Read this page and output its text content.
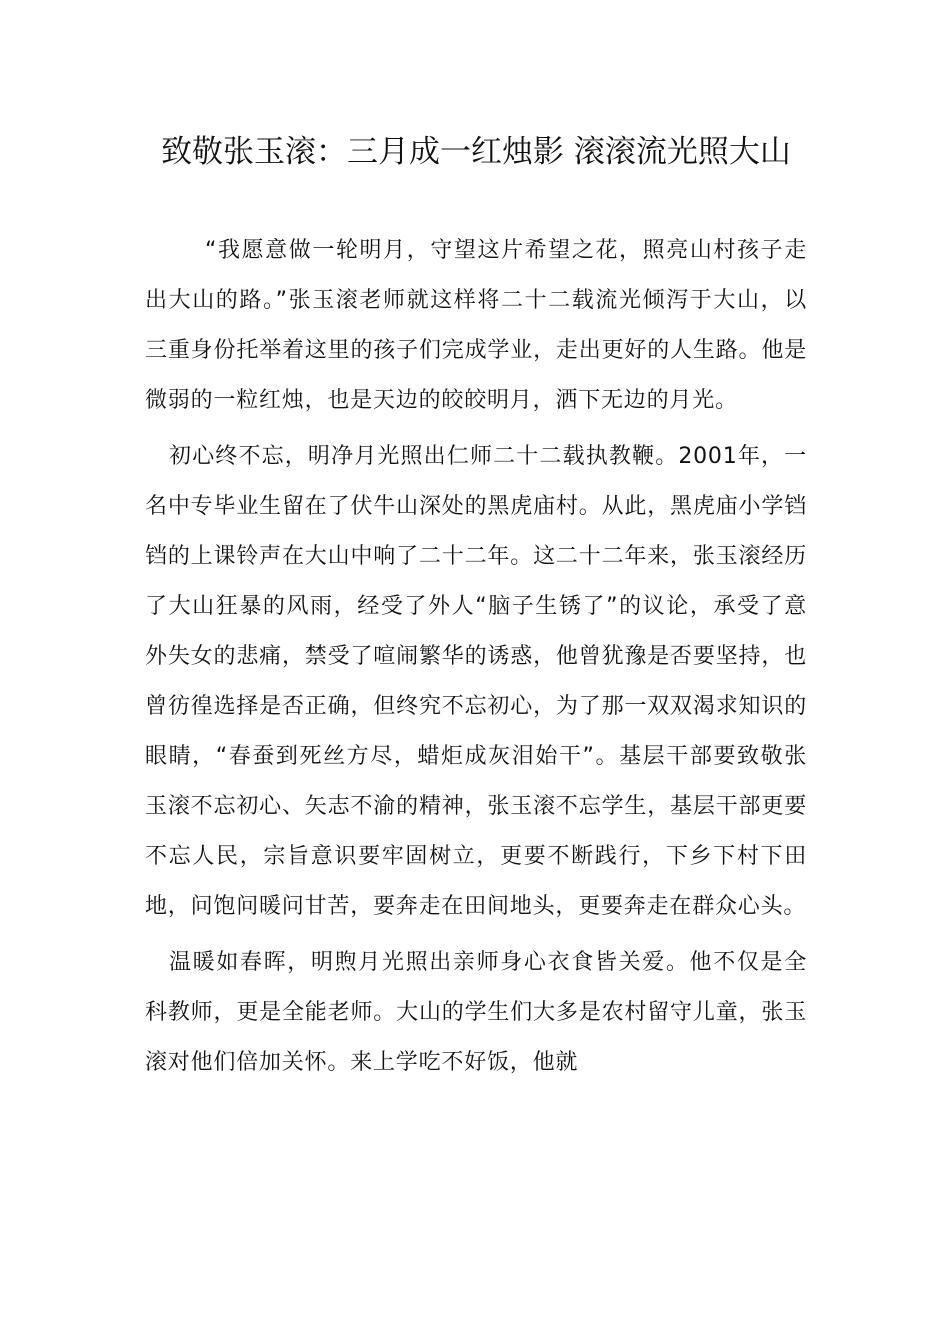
致敬张玉滚：三月成一红烛影 滚滚流光照大山

“我愿意做一轮明月，守望这片希望之花，照亮山村孩子走出大山的路。”张玉滚老师就这样将二十二载流光倾泻于大山，以三重身份托举着这里的孩子们完成学业，走出更好的人生路。他是微弱的一粒红烛，也是天边的皎皎明月，洒下无边的月光。

初心终不忘，明净月光照出仁师二十二载执教鞭。2001年，一名中专毕业生留在了伏牛山深处的黑虎庙村。从此，黑虎庙小学铛铛的上课铃声在大山中响了二十二年。这二十二年来，张玉滚经历了大山狂暴的风雨，经受了外人“脑子生锈了”的议论，承受了意外失女的悲痛，禁受了喧闹繁华的诱惑，他曾犹豫是否要坚持，也曾彷徨选择是否正确，但终究不忘初心，为了那一双双渴求知识的眼睛，“春蚕到死丝方尽，蜡炬成灰泪始干”。基层干部要致敬张玉滚不忘初心、矢志不渝的精神，张玉滚不忘学生，基层干部更要不忘人民，宗旨意识要牢固树立，更要不断践行，下乡下村下田地，问饱问暖问甘苦，要奔走在田间地头，更要奔走在群众心头。

温暖如春晖，明煦月光照出亲师身心衣食皆关爱。他不仅是全科教师，更是全能老师。大山的学生们大多是农村留守儿童，张玉滚对他们倍加关怀。来上学吃不好饭，他就
